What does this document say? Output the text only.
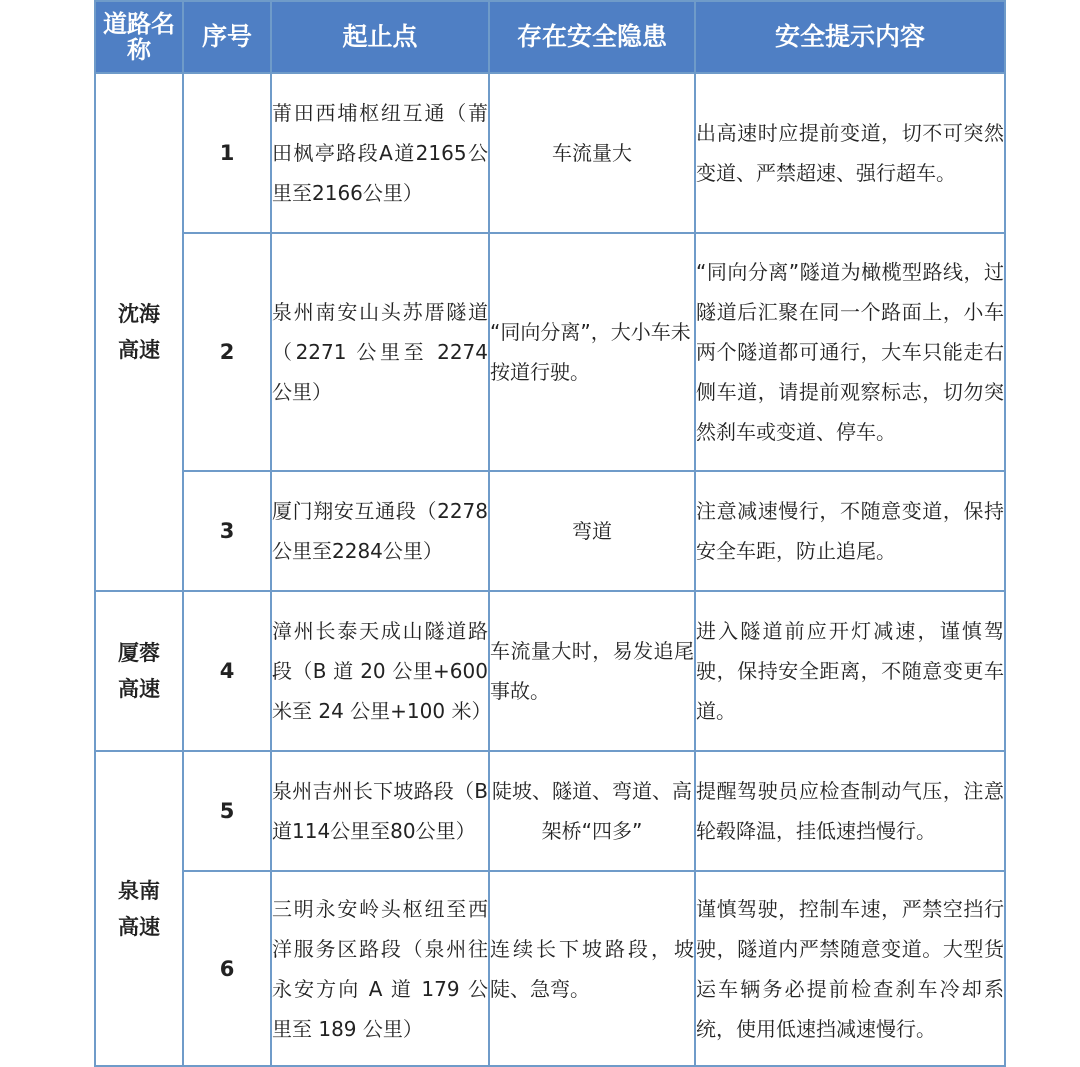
道路名称	序号	起止点	存在安全隐患	安全提示内容

沈海高速	1	莆田西埔枢纽互通（莆田枫亭路段A道2165公里至2166公里）	车流量大	出高速时应提前变道，切不可突然变道、严禁超速、强行超车。
	2	泉州南安山头苏厝隧道（2271 公里至 2274 公里）	“同向分离”，大小车未按道行驶。	“同向分离”隧道为橄榄型路线，过隧道后汇聚在同一个路面上，小车两个隧道都可通行，大车只能走右侧车道，请提前观察标志，切勿突然刹车或变道、停车。
	3	厦门翔安互通段（2278公里至2284公里）	弯道	注意减速慢行，不随意变道，保持安全车距，防止追尾。

厦蓉高速	4	漳州长泰天成山隧道路段（B 道 20 公里+600 米至 24 公里+100 米）	车流量大时，易发追尾事故。	进入隧道前应开灯减速，谨慎驾驶，保持安全距离，不随意变更车道。

泉南高速	5	泉州吉州长下坡路段（B道114公里至80公里）	陡坡、隧道、弯道、高架桥“四多”	提醒驾驶员应检查制动气压，注意轮毂降温，挂低速挡慢行。
	6	三明永安岭头枢纽至西洋服务区路段（泉州往永安方向 A 道 179 公里至 189 公里）	连续长下坡路段，坡陡、急弯。	谨慎驾驶，控制车速，严禁空挡行驶，隧道内严禁随意变道。大型货运车辆务必提前检查刹车冷却系统，使用低速挡减速慢行。
